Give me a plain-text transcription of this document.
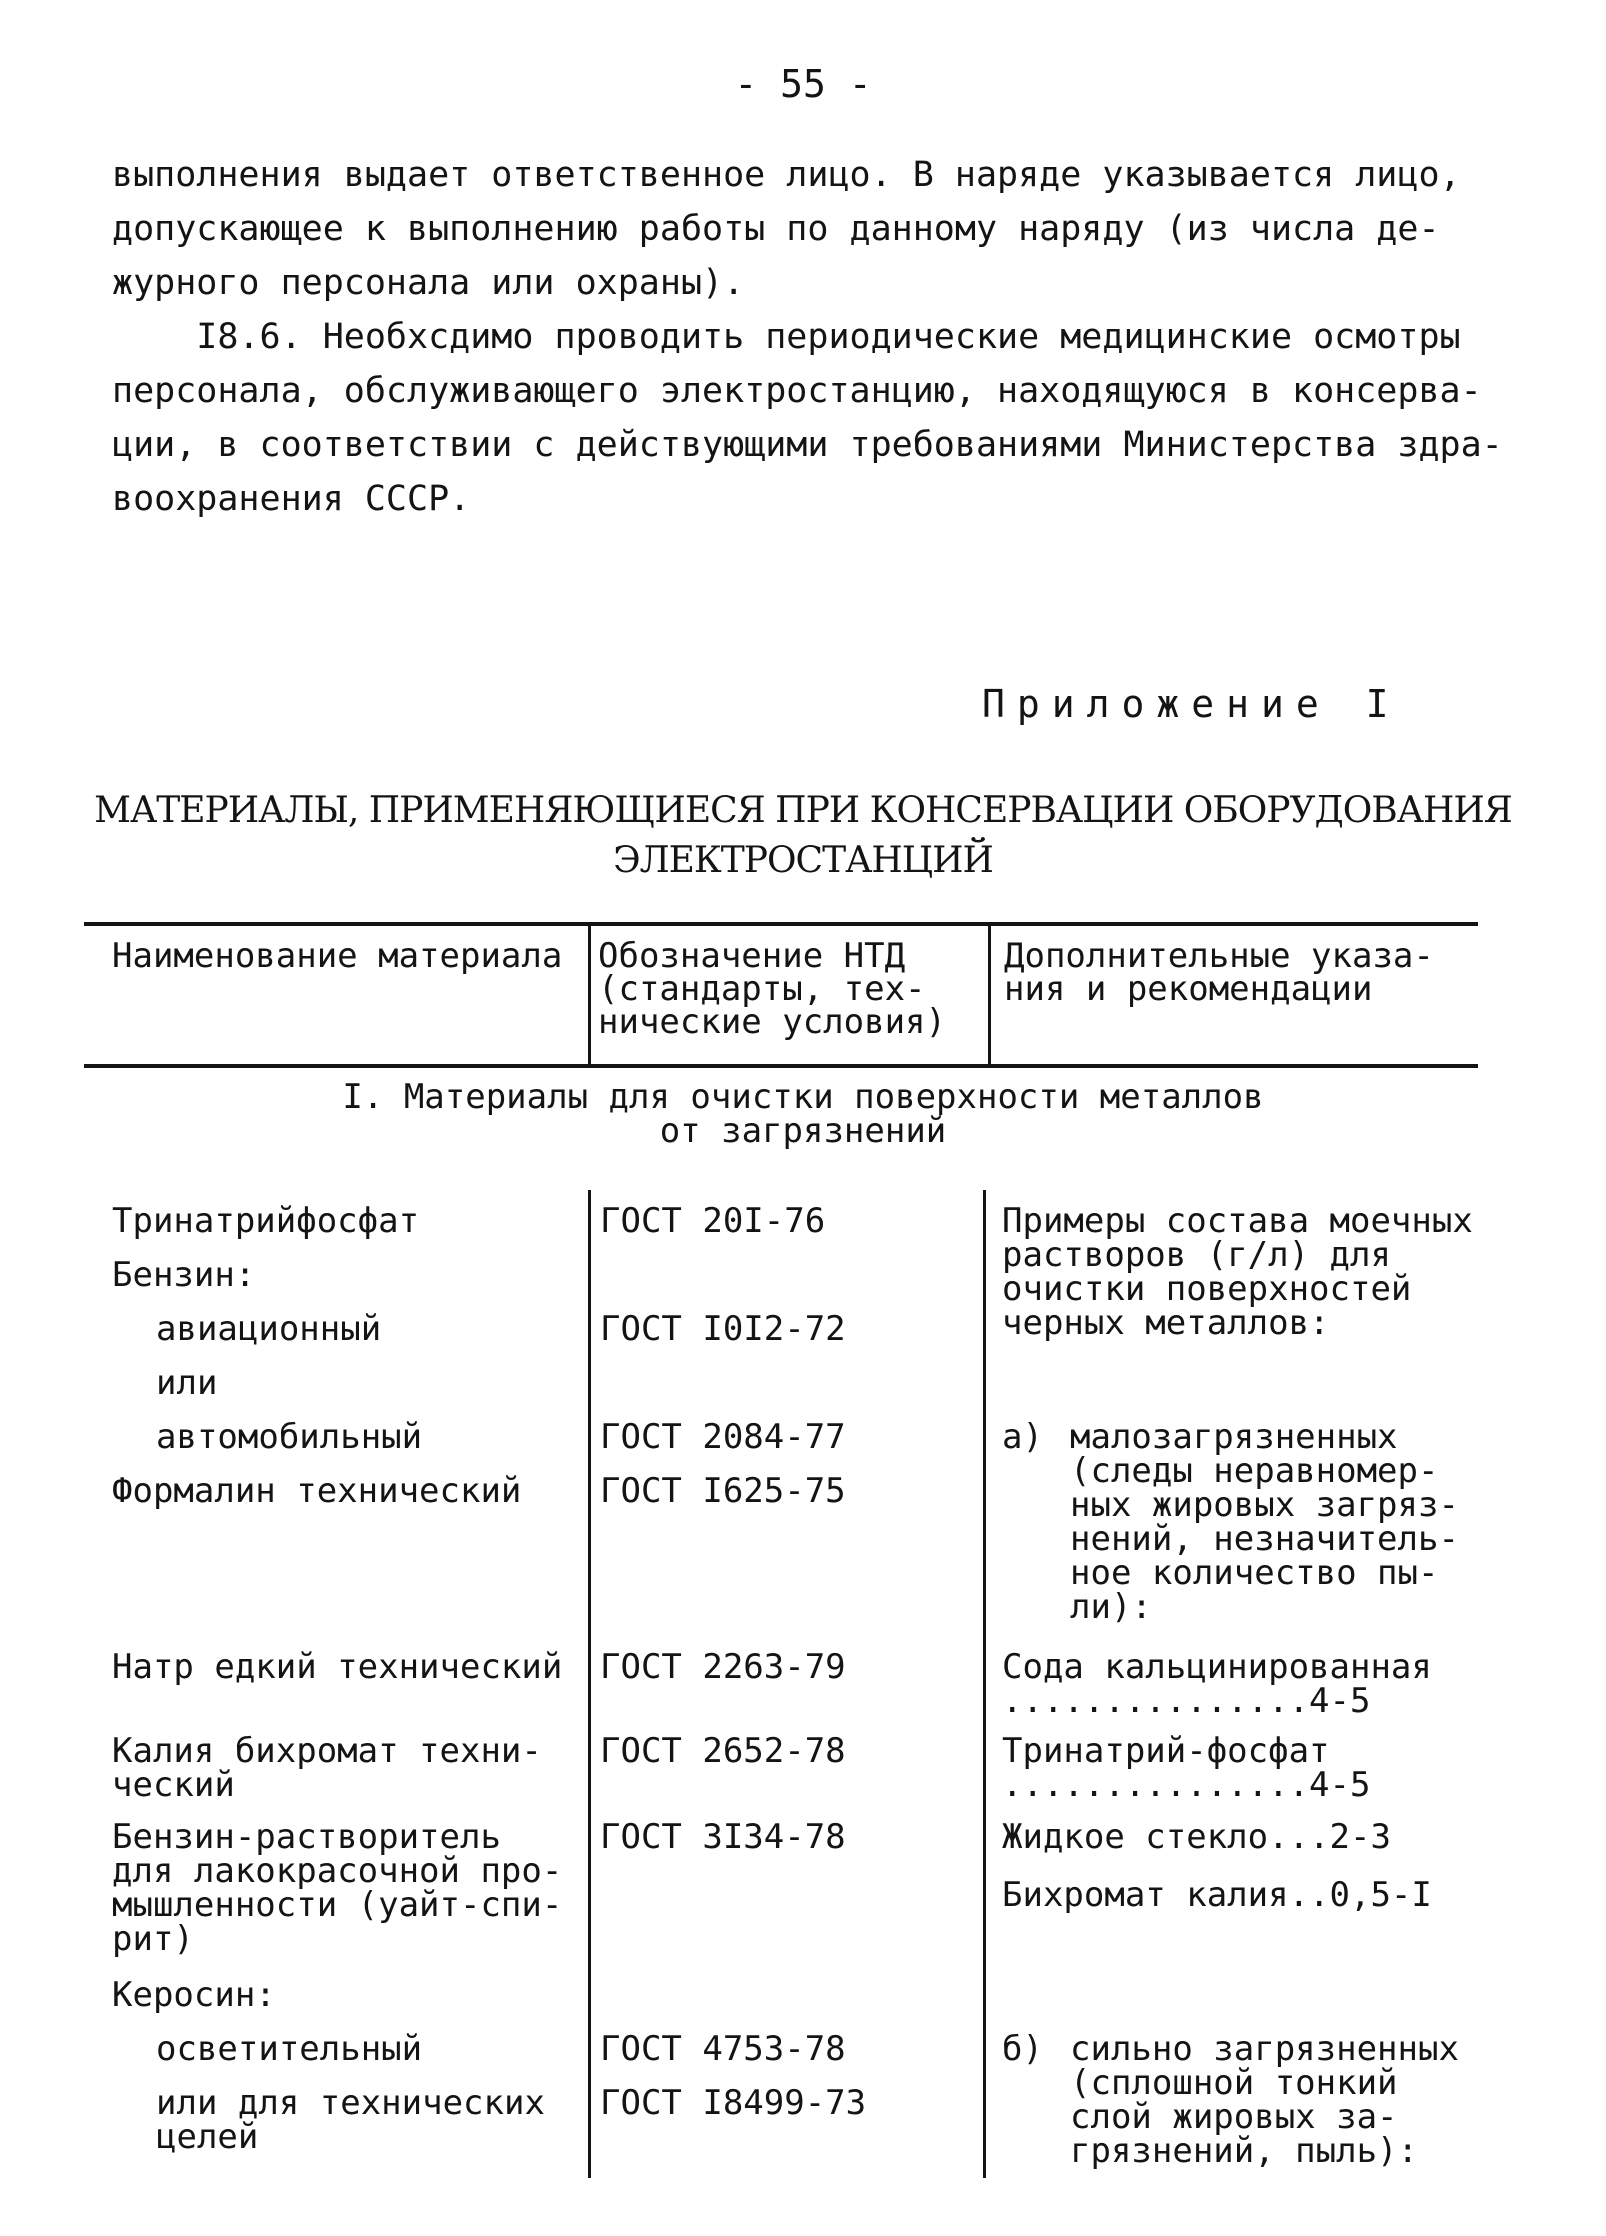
- 55 -
выполнения выдает ответственное лицо. В наряде указывается лицо,
допускающее к выполнению работы по данному наряду (из числа де-
журного персонала или охраны).
I8.6. Необхсдимо проводить периодические медицинские осмотры
персонала, обслуживающего электростанцию, находящуюся в консерва-
ции, в соответствии с действующими требованиями Министерства здра-
воохранения СССР.
Приложение I
МАТЕРИАЛЫ, ПРИМЕНЯЮЩИЕСЯ ПРИ КОНСЕРВАЦИИ ОБОРУДОВАНИЯ
ЭЛЕКТРОСТАНЦИЙ
Наименование материала Обозначение НТД
(стандарты, тех-
нические условия)
Дополнительные указа-
ния и рекомендации
I. Материалы для очистки поверхности металлов
от загрязнений
Тринатрийфосфат
Бензин:
авиационный
или
автомобильный
Формалин технический
Натр едкий технический
Калия бихромат техни-
ческий
Бензин-растворитель
для лакокрасочной про-
мышленности (уайт-спи-
рит)
Керосин:
осветительный
или для технических
целей
ГОСТ 20I-76
ГОСТ I0I2-72
ГОСТ 2084-77
ГОСТ I625-75
ГОСТ 2263-79
ГОСТ 2652-78
ГОСТ 3I34-78
ГОСТ 4753-78
ГОСТ I8499-73
Примеры состава моечных
растворов (г/л) для
очистки поверхностей
черных металлов:
а) малозагрязненных
(следы неравномер-
ных жировых загряз-
нений, незначитель-
ное количество пы-
ли):
Сода кальцинированная
...............4-5
Тринатрий-фосфат
...............4-5
Жидкое стекло...2-3
Бихромат калия..0,5-I
б) сильно загрязненных
(сплошной тонкий
слой жировых за-
грязнений, пыль):
